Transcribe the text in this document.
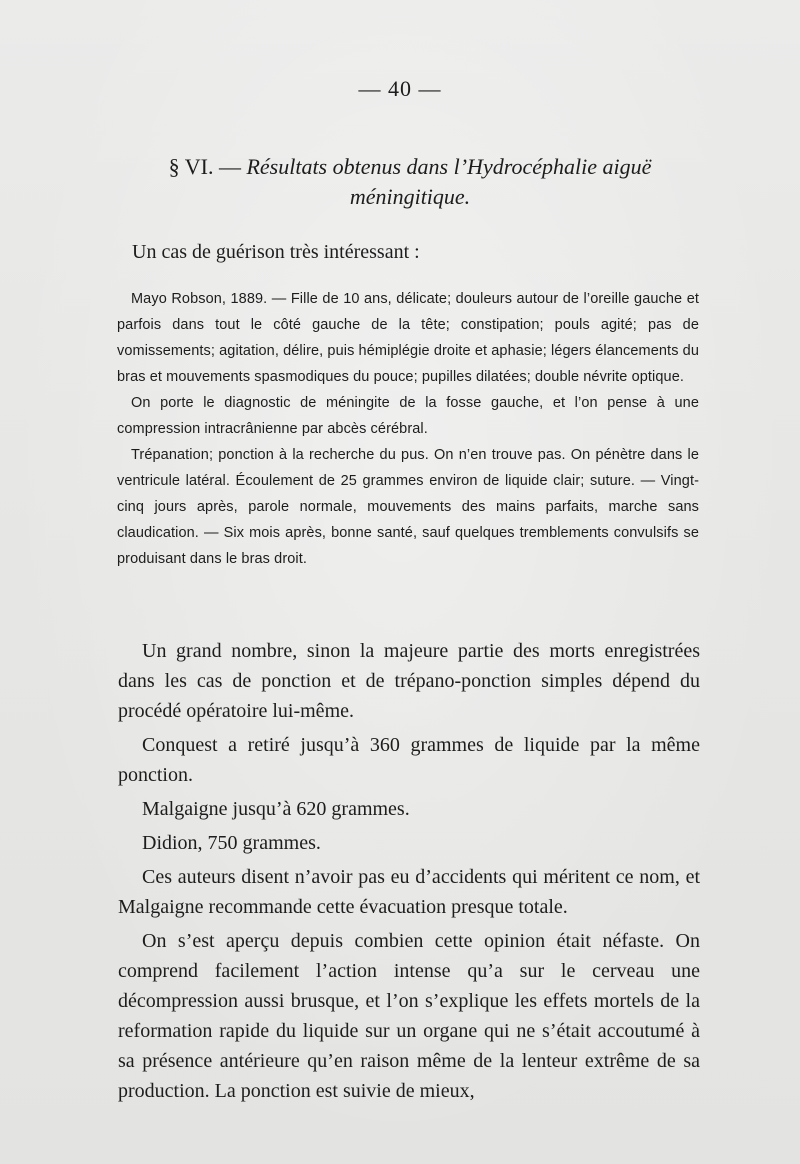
— 40 —
§ VI. — Résultats obtenus dans l’Hydrocéphalie aiguë méningitique.
Un cas de guérison très intéressant :

Mayo Robson, 1889. — Fille de 10 ans, délicate; douleurs autour de l’oreille gauche et parfois dans tout le côté gauche de la tête; constipation; pouls agité; pas de vomissements; agitation, délire, puis hémiplégie droite et aphasie; légers élancements du bras et mouvements spasmodiques du pouce; pupilles dilatées; double névrite optique.

On porte le diagnostic de méningite de la fosse gauche, et l’on pense à une compression intracrânienne par abcès cérébral.

Trépanation; ponction à la recherche du pus. On n’en trouve pas. On pénètre dans le ventricule latéral. Écoulement de 25 grammes environ de liquide clair; suture. — Vingt-cinq jours après, parole normale, mouvements des mains parfaits, marche sans claudication. — Six mois après, bonne santé, sauf quelques tremblements convulsifs se produisant dans le bras droit.

Un grand nombre, sinon la majeure partie des morts enregistrées dans les cas de ponction et de trépano-ponction simples dépend du procédé opératoire lui-même.

Conquest a retiré jusqu’à 360 grammes de liquide par la même ponction.

Malgaigne jusqu’à 620 grammes.

Didion, 750 grammes.

Ces auteurs disent n’avoir pas eu d’accidents qui méritent ce nom, et Malgaigne recommande cette évacuation presque totale.

On s’est aperçu depuis combien cette opinion était néfaste. On comprend facilement l’action intense qu’a sur le cerveau une décompression aussi brusque, et l’on s’explique les effets mortels de la reformation rapide du liquide sur un organe qui ne s’était accoutumé à sa présence antérieure qu’en raison même de la lenteur extrême de sa production. La ponction est suivie de mieux,
